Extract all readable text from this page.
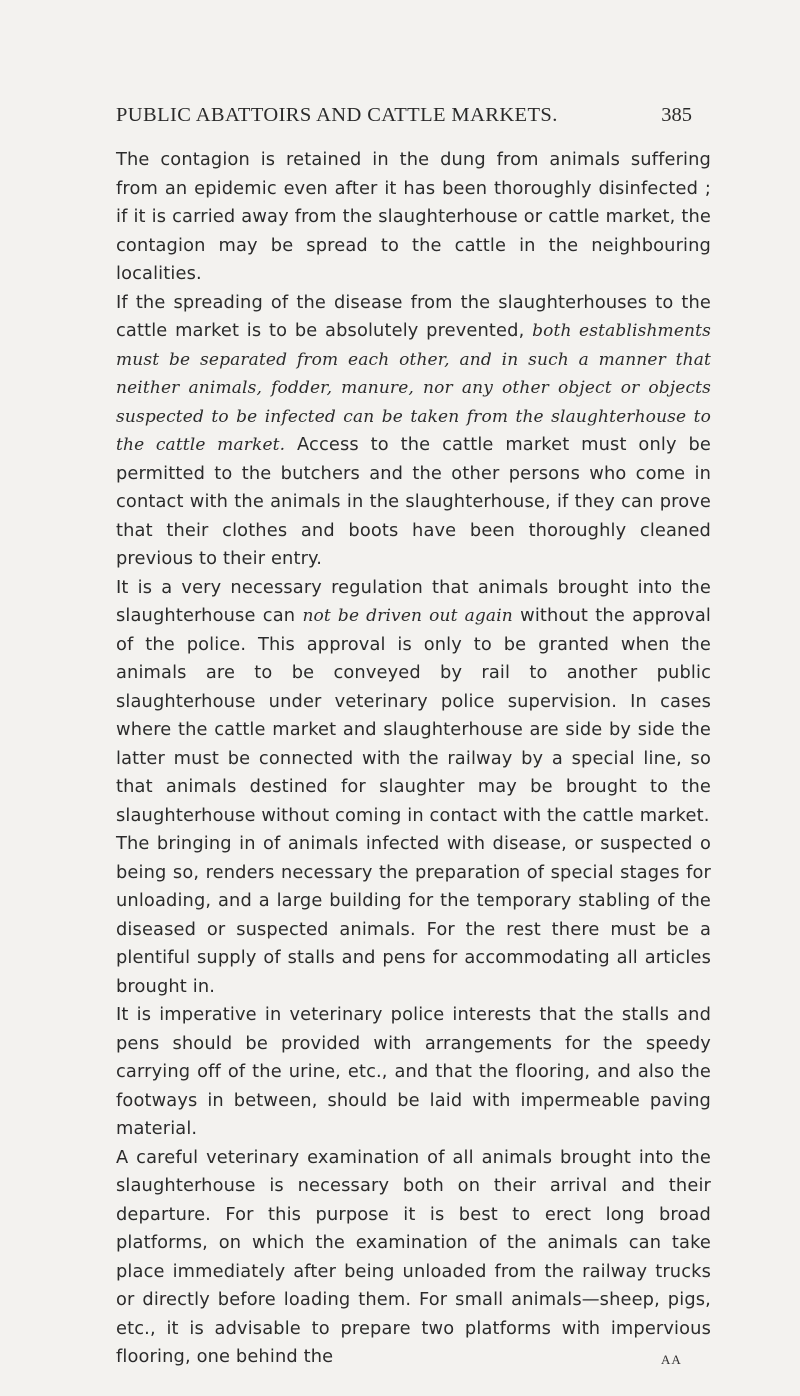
PUBLIC ABATTOIRS AND CATTLE MARKETS.	385

The contagion is retained in the dung from animals suffering from an epidemic even after it has been thoroughly disinfected ; if it is carried away from the slaughterhouse or cattle market, the contagion may be spread to the cattle in the neighbouring localities.

If the spreading of the disease from the slaughterhouses to the cattle market is to be absolutely prevented, both establishments must be separated from each other, and in such a manner that neither animals, fodder, manure, nor any other object or objects suspected to be infected can be taken from the slaughterhouse to the cattle market. Access to the cattle market must only be permitted to the butchers and the other persons who come in contact with the animals in the slaughterhouse, if they can prove that their clothes and boots have been thoroughly cleaned previous to their entry.

It is a very necessary regulation that animals brought into the slaughterhouse can not be driven out again without the approval of the police. This approval is only to be granted when the animals are to be conveyed by rail to another public slaughterhouse under veterinary police supervision. In cases where the cattle market and slaughterhouse are side by side the latter must be connected with the railway by a special line, so that animals destined for slaughter may be brought to the slaughterhouse without coming in contact with the cattle market.

The bringing in of animals infected with disease, or suspected o being so, renders necessary the preparation of special stages for unloading, and a large building for the temporary stabling of the diseased or suspected animals. For the rest there must be a plentiful supply of stalls and pens for accommodating all articles brought in.

It is imperative in veterinary police interests that the stalls and pens should be provided with arrangements for the speedy carrying off of the urine, etc., and that the flooring, and also the footways in between, should be laid with impermeable paving material.

A careful veterinary examination of all animals brought into the slaughterhouse is necessary both on their arrival and their departure. For this purpose it is best to erect long broad platforms, on which the examination of the animals can take place immediately after being unloaded from the railway trucks or directly before loading them. For small animals—sheep, pigs, etc., it is advisable to prepare two platforms with impervious flooring, one behind the	AA
